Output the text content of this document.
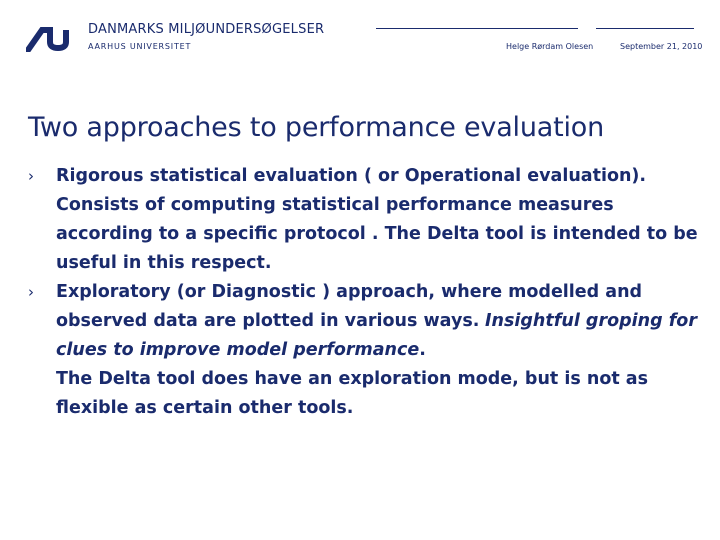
DANMARKS MILJØUNDERSØGELSER
AARHUS UNIVERSITET	Helge Rørdam Olesen	September 21, 2010
Two approaches to performance evaluation
› Rigorous statistical evaluation ( or Operational evaluation). Consists of computing statistical performance measures according to a specific protocol . The Delta tool is intended to be useful in this respect.
› Exploratory (or Diagnostic ) approach, where modelled and observed data are plotted in various ways. Insightful groping for clues to improve model performance.
The Delta tool does have an exploration mode, but is not as flexible as certain other tools.
